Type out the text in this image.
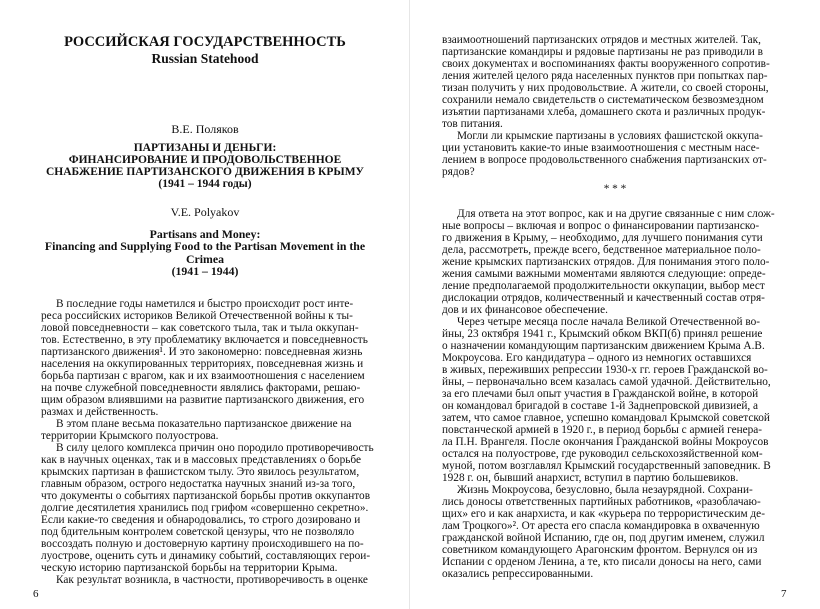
РОССИЙСКАЯ ГОСУДАРСТВЕННОСТЬ
Russian Statehood
В.Е. Поляков
ПАРТИЗАНЫ И ДЕНЬГИ:
ФИНАНСИРОВАНИЕ И ПРОДОВОЛЬСТВЕННОЕ
СНАБЖЕНИЕ ПАРТИЗАНСКОГО ДВИЖЕНИЯ В КРЫМУ
(1941 – 1944 годы)
V.E. Polyakov
Partisans and Money:
Financing and Supplying Food to the Partisan Movement in the
Crimea
(1941 – 1944)
В последние годы наметился и быстро происходит рост инте-
реса российских историков Великой Отечественной войны к ты-
ловой повседневности – как советского тыла, так и тыла оккупан-
тов. Естественно, в эту проблематику включается и повседневность
партизанского движения¹. И это закономерно: повседневная жизнь
населения на оккупированных территориях, повседневная жизнь и
борьба партизан с врагом, как и их взаимоотношения с населением
на почве служебной повседневности являлись факторами, решаю-
щим образом влиявшими на развитие партизанского движения, его
размах и действенность.
В этом плане весьма показательно партизанское движение на
территории Крымского полуострова.
В силу целого комплекса причин оно породило противоречивость
как в научных оценках, так и в массовых представлениях о борьбе
крымских партизан в фашистском тылу. Это явилось результатом,
главным образом, острого недостатка научных знаний из-за того,
что документы о событиях партизанской борьбы против оккупантов
долгие десятилетия хранились под грифом «совершенно секретно».
Если какие-то сведения и обнародовались, то строго дозировано и
под бдительным контролем советской цензуры, что не позволяло
воссоздать полную и достоверную картину происходившего на по-
луострове, оценить суть и динамику событий, составляющих герои-
ческую историю партизанской борьбы на территории Крыма.
Как результат возникла, в частности, противоречивость в оценке
6
взаимоотношений партизанских отрядов и местных жителей. Так,
партизанские командиры и рядовые партизаны не раз приводили в
своих документах и воспоминаниях факты вооруженного сопротив-
ления жителей целого ряда населенных пунктов при попытках пар-
тизан получить у них продовольствие. А жители, со своей стороны,
сохранили немало свидетельств о систематическом безвозмездном
изъятии партизанами хлеба, домашнего скота и различных продук-
тов питания.
Могли ли крымские партизаны в условиях фашистской оккупа-
ции установить какие-то иные взаимоотношения с местным насе-
лением в вопросе продовольственного снабжения партизанских от-
рядов?
* * *
Для ответа на этот вопрос, как и на другие связанные с ним слож-
ные вопросы – включая и вопрос о финансировании партизанско-
го движения в Крыму, – необходимо, для лучшего понимания сути
дела, рассмотреть, прежде всего, бедственное материальное поло-
жение крымских партизанских отрядов. Для понимания этого поло-
жения самыми важными моментами являются следующие: опреде-
ление предполагаемой продолжительности оккупации, выбор мест
дислокации отрядов, количественный и качественный состав отря-
дов и их финансовое обеспечение.
Через четыре месяца после начала Великой Отечественной во-
йны, 23 октября 1941 г., Крымский обком ВКП(б) принял решение
о назначении командующим партизанским движением Крыма А.В.
Мокроусова. Его кандидатура – одного из немногих оставшихся
в живых, переживших репрессии 1930-х гг. героев Гражданской во-
йны, – первоначально всем казалась самой удачной. Действительно,
за его плечами был опыт участия в Гражданской войне, в которой
он командовал бригадой в составе 1-й Заднепровской дивизией, а
затем, что самое главное, успешно командовал Крымской советской
повстанческой армией в 1920 г., в период борьбы с армией генера-
ла П.Н. Врангеля. После окончания Гражданской войны Мокроусов
остался на полуострове, где руководил сельскохозяйственной ком-
муной, потом возглавлял Крымский государственный заповедник. В
1928 г. он, бывший анархист, вступил в партию большевиков.
Жизнь Мокроусова, безусловно, была незаурядной. Сохрани-
лись доносы ответственных партийных работников, «разоблачаю-
щих» его и как анархиста, и как «курьера по террористическим де-
лам Троцкого»². От ареста его спасла командировка в охваченную
гражданской войной Испанию, где он, под другим именем, служил
советником командующего Арагонским фронтом. Вернулся он из
Испании с орденом Ленина, а те, кто писали доносы на него, сами
оказались репрессированными.
7
